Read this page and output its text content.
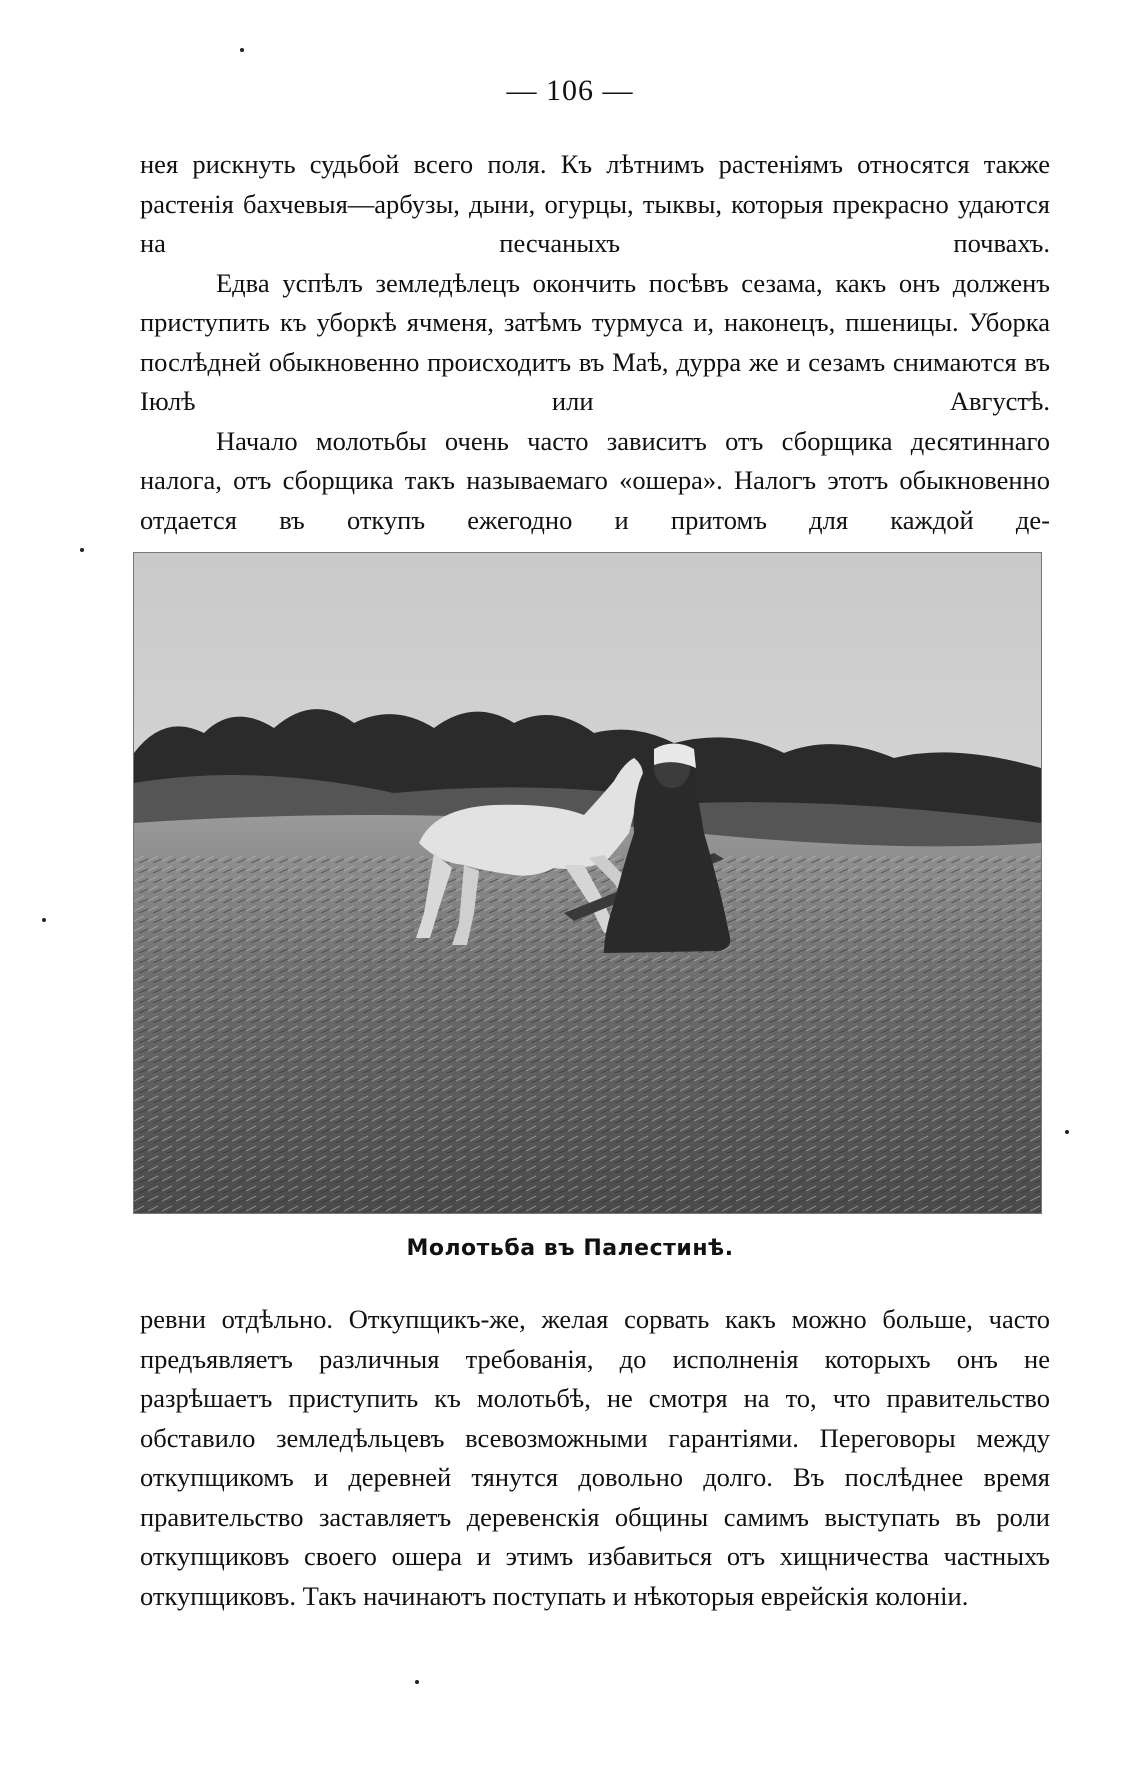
— 106 —

нея рискнуть судьбой всего поля. Къ лѣтнимъ растеніямъ относятся также растенія бахчевыя—арбузы, дыни, огурцы, тыквы, которыя прекрасно удаются на песчаныхъ почвахъ.

Едва успѣлъ земледѣлецъ окончить посѣвъ сезама, какъ онъ долженъ приступить къ уборкѣ ячменя, затѣмъ турмуса и, наконецъ, пшеницы. Уборка послѣдней обыкновенно происходитъ въ Маѣ, дурра же и сезамъ снимаются въ Іюлѣ или Августѣ.

Начало молотьбы очень часто зависитъ отъ сборщика десятиннаго налога, отъ сборщика такъ называемаго «ошера». Налогъ этотъ обыкновенно отдается въ откупъ ежегодно и притомъ для каждой де-

Молотьба въ Палестинѣ.

ревни отдѣльно. Откупщикъ-же, желая сорвать какъ можно больше, часто предъявляетъ различныя требованія, до исполненія которыхъ онъ не разрѣшаетъ приступить къ молотьбѣ, не смотря на то, что правительство обставило земледѣльцевъ всевозможными гарантіями. Переговоры между откупщикомъ и деревней тянутся довольно долго. Въ послѣднее время правительство заставляетъ деревенскія общины самимъ выступать въ роли откупщиковъ своего ошера и этимъ избавиться отъ хищничества частныхъ откупщиковъ. Такъ начинаютъ поступать и нѣкоторыя еврейскія колоніи.
